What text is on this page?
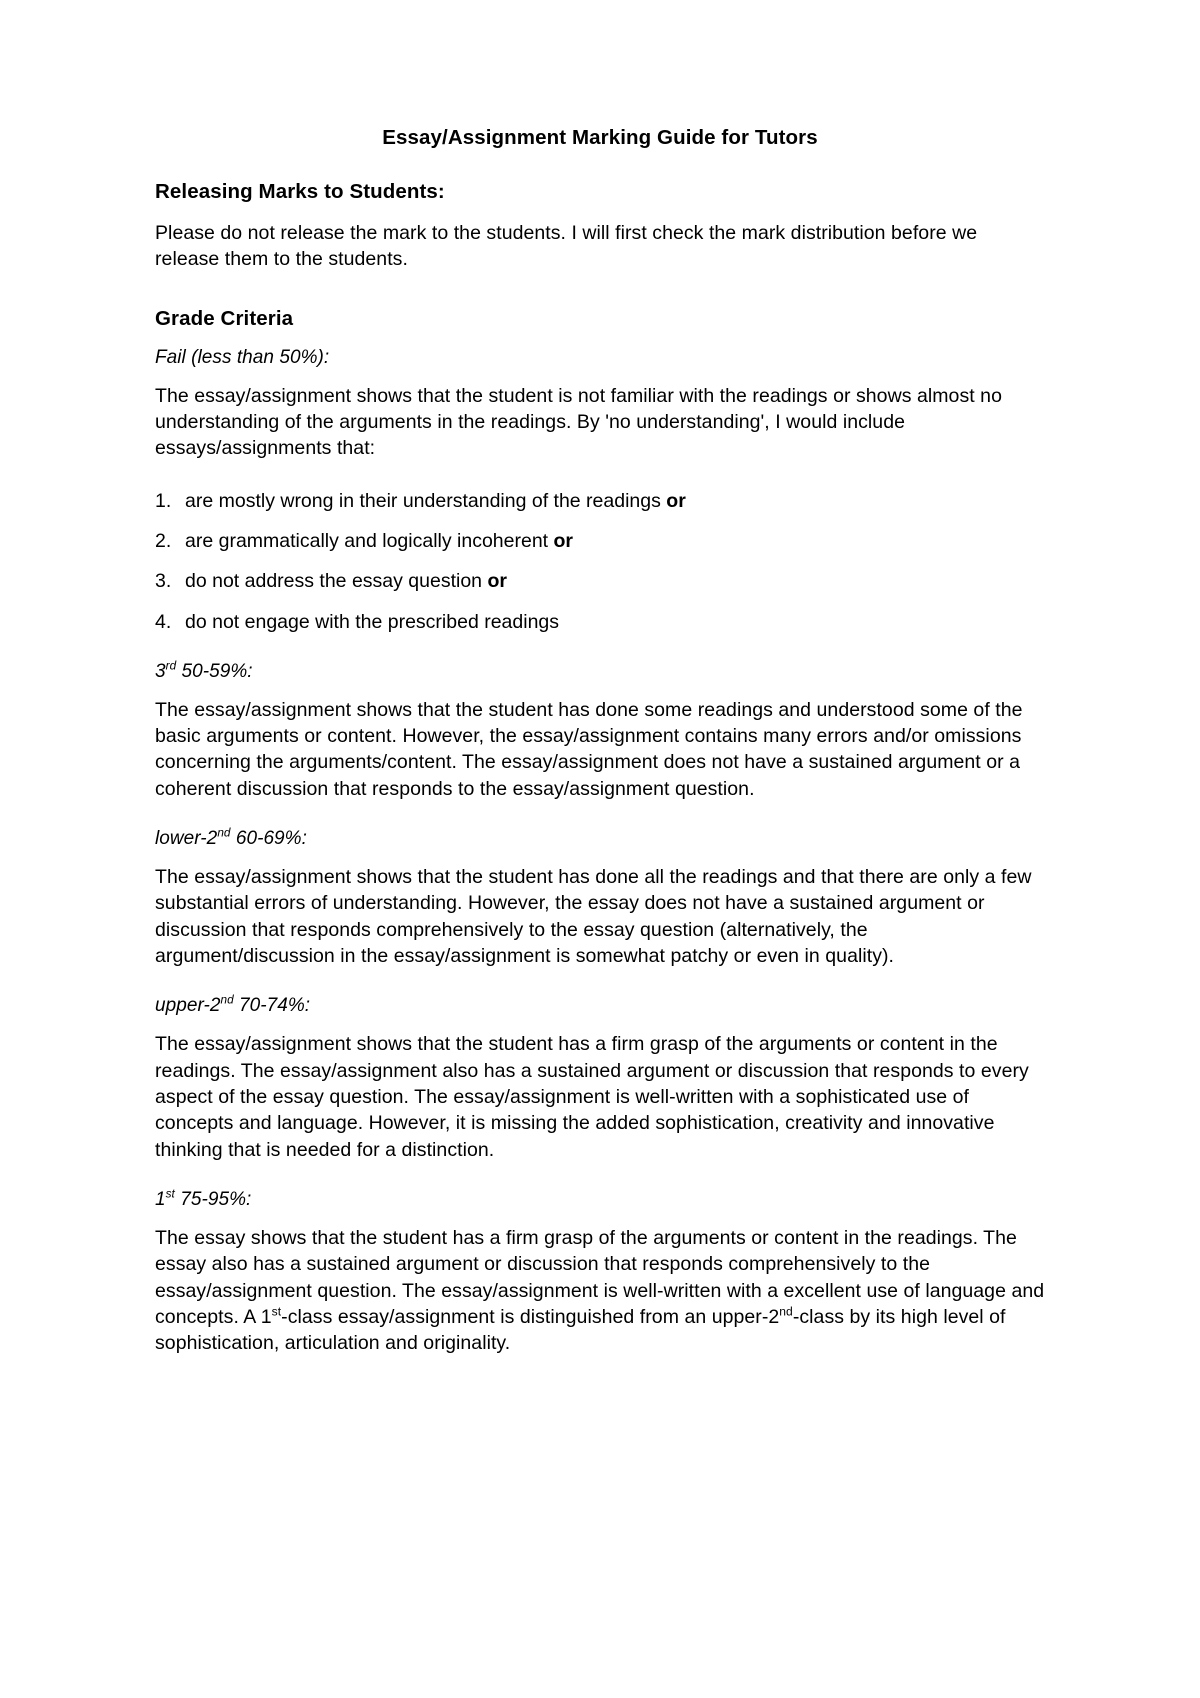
Essay/Assignment Marking Guide for Tutors
Releasing Marks to Students:

Please do not release the mark to the students. I will first check the mark distribution before we release them to the students.

Grade Criteria

Fail (less than 50%):

The essay/assignment shows that the student is not familiar with the readings or shows almost no understanding of the arguments in the readings. By 'no understanding', I would include essays/assignments that:

1. are mostly wrong in their understanding of the readings or
2. are grammatically and logically incoherent or
3. do not address the essay question or
4. do not engage with the prescribed readings

3rd 50-59%:

The essay/assignment shows that the student has done some readings and understood some of the basic arguments or content. However, the essay/assignment contains many errors and/or omissions concerning the arguments/content. The essay/assignment does not have a sustained argument or a coherent discussion that responds to the essay/assignment question.

lower-2nd 60-69%:

The essay/assignment shows that the student has done all the readings and that there are only a few substantial errors of understanding. However, the essay does not have a sustained argument or discussion that responds comprehensively to the essay question (alternatively, the argument/discussion in the essay/assignment is somewhat patchy or even in quality).

upper-2nd 70-74%:

The essay/assignment shows that the student has a firm grasp of the arguments or content in the readings. The essay/assignment also has a sustained argument or discussion that responds to every aspect of the essay question. The essay/assignment is well-written with a sophisticated use of concepts and language. However, it is missing the added sophistication, creativity and innovative thinking that is needed for a distinction.

1st 75-95%:

The essay shows that the student has a firm grasp of the arguments or content in the readings. The essay also has a sustained argument or discussion that responds comprehensively to the essay/assignment question. The essay/assignment is well-written with a excellent use of language and concepts. A 1st-class essay/assignment is distinguished from an upper-2nd-class by its high level of sophistication, articulation and originality.
